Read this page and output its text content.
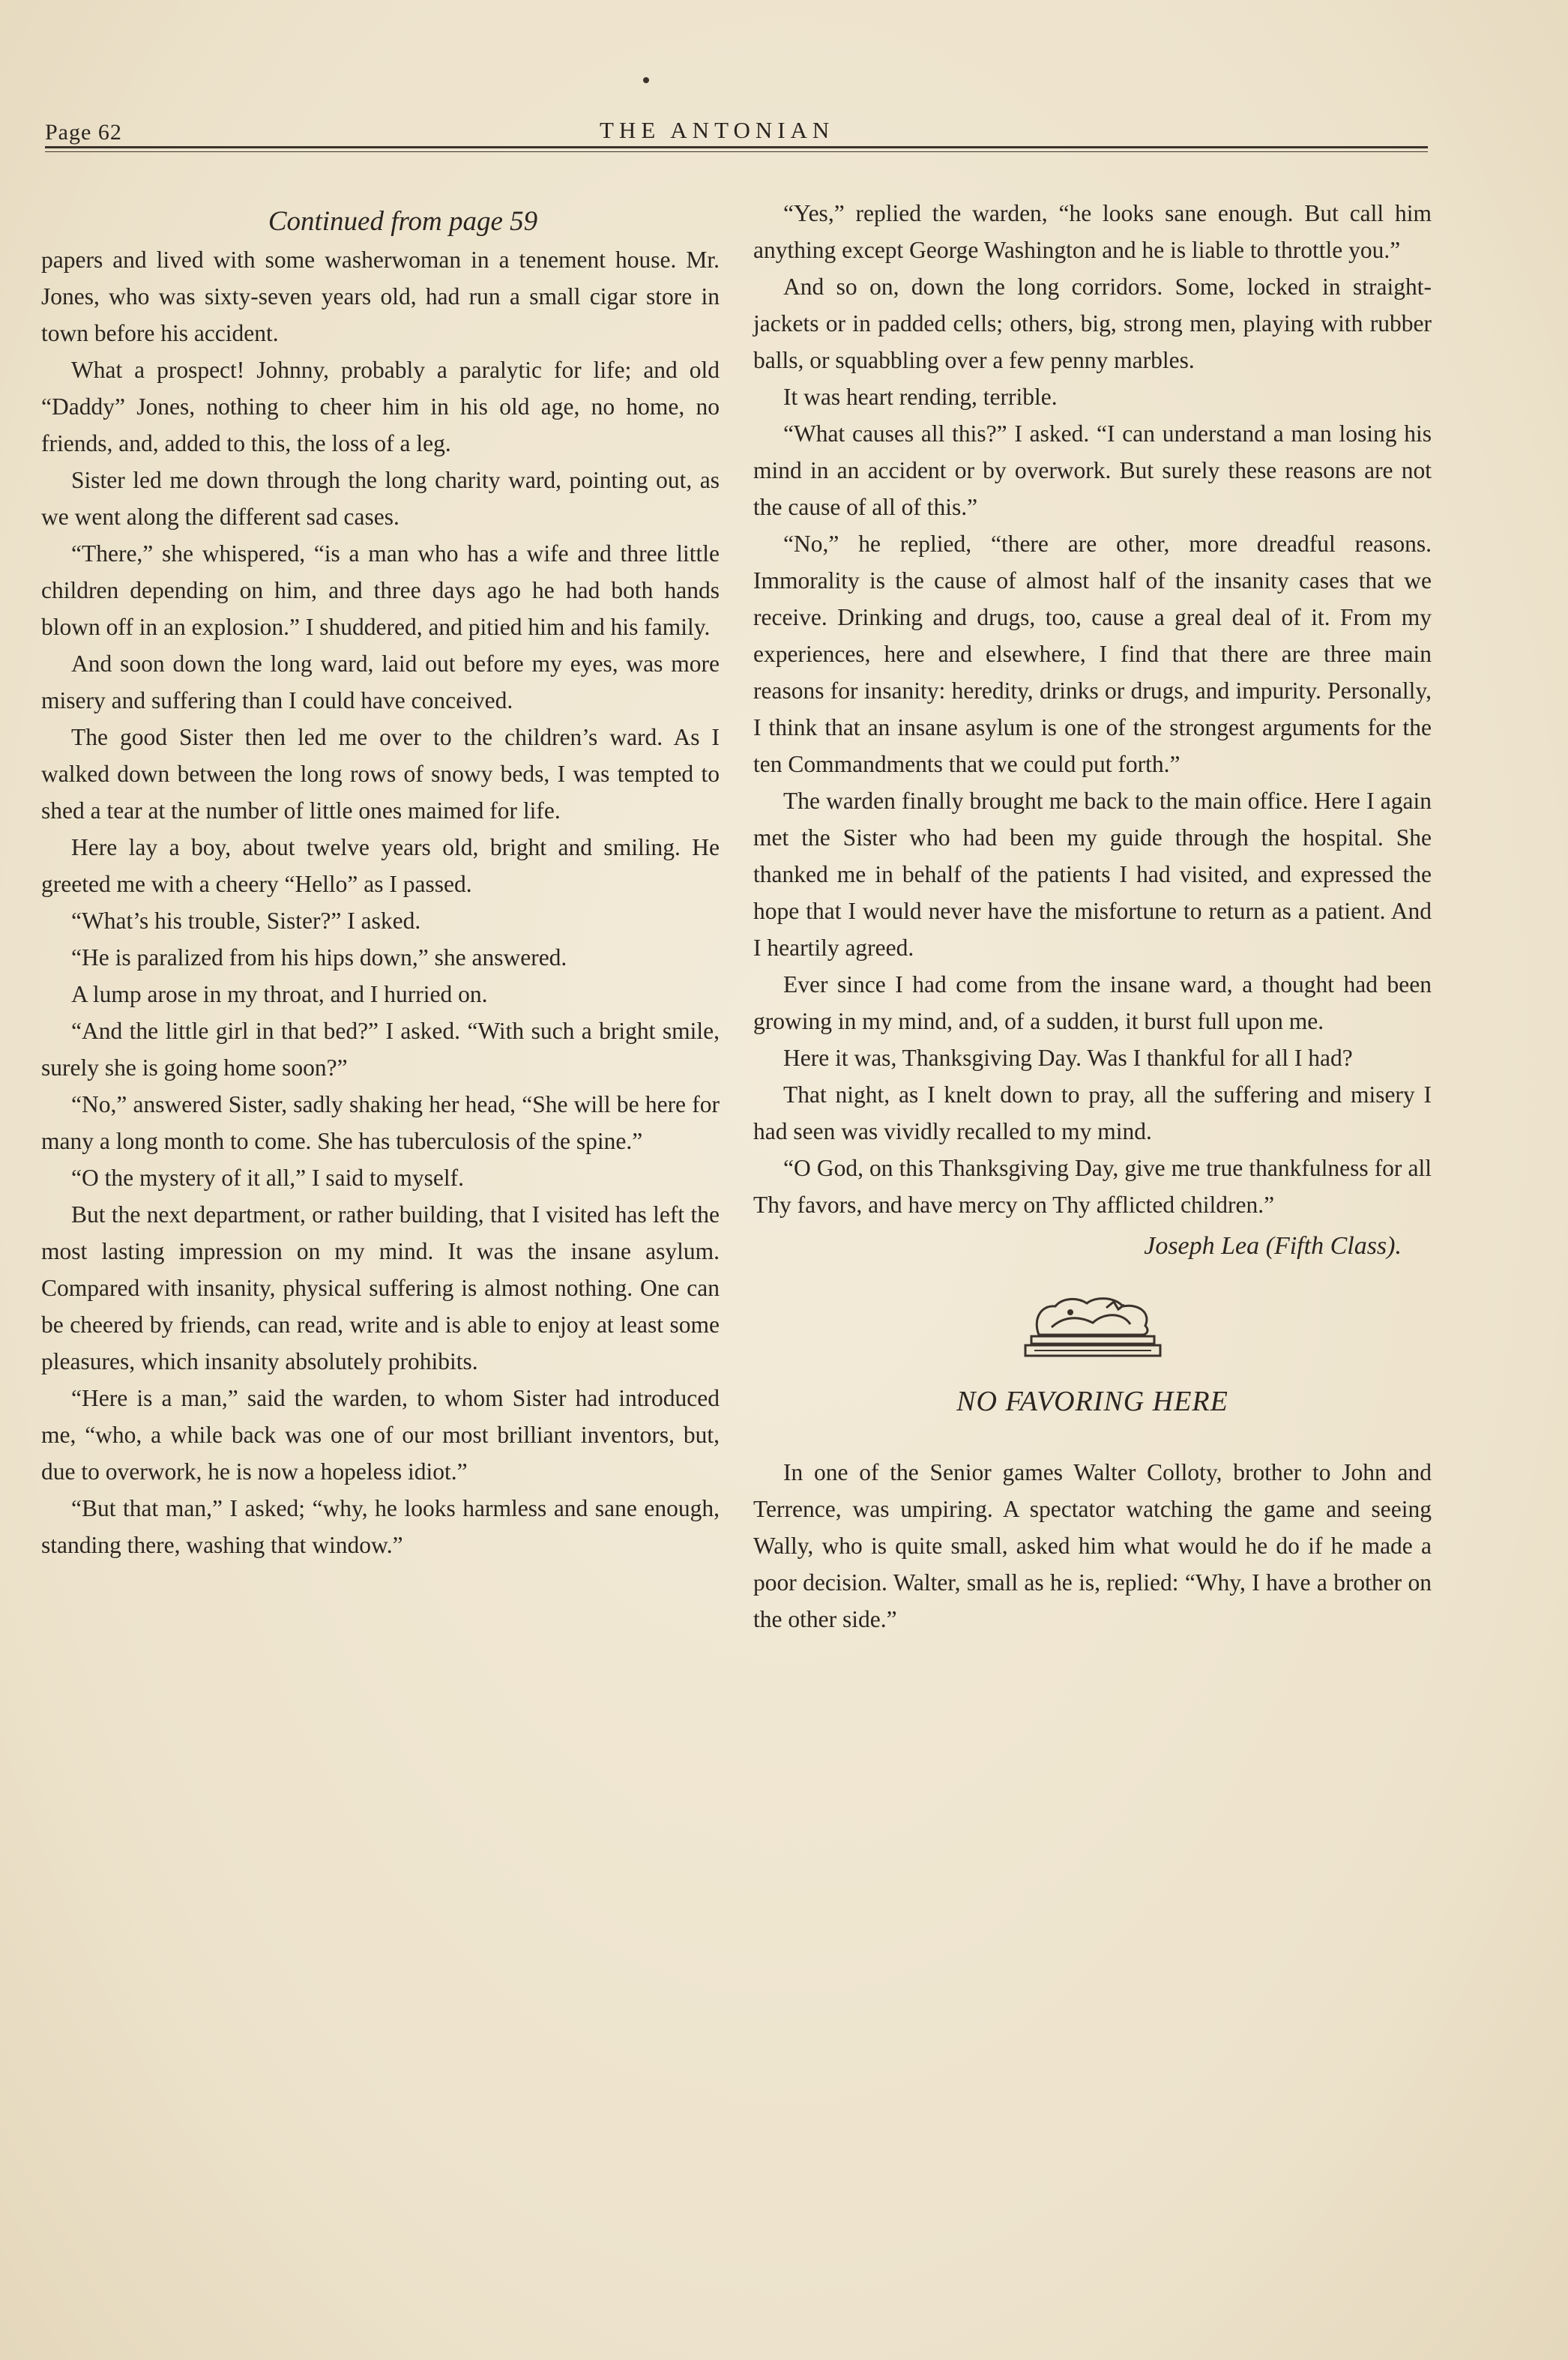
Page 62	THE ANTONIAN
Continued from page 59

papers and lived with some washerwoman in a tenement house. Mr. Jones, who was sixty-seven years old, had run a small cigar store in town before his accident.

What a prospect! Johnny, probably a paralytic for life; and old “Daddy” Jones, nothing to cheer him in his old age, no home, no friends, and, added to this, the loss of a leg.

Sister led me down through the long charity ward, pointing out, as we went along the different sad cases.

“There,” she whispered, “is a man who has a wife and three little children depending on him, and three days ago he had both hands blown off in an explosion.” I shuddered, and pitied him and his family.

And soon down the long ward, laid out before my eyes, was more misery and suffering than I could have conceived.

The good Sister then led me over to the children’s ward. As I walked down between the long rows of snowy beds, I was tempted to shed a tear at the number of little ones maimed for life.

Here lay a boy, about twelve years old, bright and smiling. He greeted me with a cheery “Hello” as I passed.

“What’s his trouble, Sister?” I asked.

“He is paralized from his hips down,” she answered.

A lump arose in my throat, and I hurried on.

“And the little girl in that bed?” I asked. “With such a bright smile, surely she is going home soon?”

“No,” answered Sister, sadly shaking her head, “She will be here for many a long month to come. She has tuberculosis of the spine.”

“O the mystery of it all,” I said to myself.

But the next department, or rather building, that I visited has left the most lasting impression on my mind. It was the insane asylum. Compared with insanity, physical suffering is almost nothing. One can be cheered by friends, can read, write and is able to enjoy at least some pleasures, which insanity absolutely prohibits.

“Here is a man,” said the warden, to whom Sister had introduced me, “who, a while back was one of our most brilliant inventors, but, due to overwork, he is now a hopeless idiot.”

“But that man,” I asked; “why, he looks harmless and sane enough, standing there, washing that window.”

“Yes,” replied the warden, “he looks sane enough. But call him anything except George Washington and he is liable to throttle you.”

And so on, down the long corridors. Some, locked in straight-jackets or in padded cells; others, big, strong men, playing with rubber balls, or squabbling over a few penny marbles.

It was heart rending, terrible.

“What causes all this?” I asked. “I can understand a man losing his mind in an accident or by overwork. But surely these reasons are not the cause of all of this.”

“No,” he replied, “there are other, more dreadful reasons. Immorality is the cause of almost half of the insanity cases that we receive. Drinking and drugs, too, cause a greal deal of it. From my experiences, here and elsewhere, I find that there are three main reasons for insanity: heredity, drinks or drugs, and impurity. Personally, I think that an insane asylum is one of the strongest arguments for the ten Commandments that we could put forth.”

The warden finally brought me back to the main office. Here I again met the Sister who had been my guide through the hospital. She thanked me in behalf of the patients I had visited, and expressed the hope that I would never have the misfortune to return as a patient. And I heartily agreed.

Ever since I had come from the insane ward, a thought had been growing in my mind, and, of a sudden, it burst full upon me.

Here it was, Thanksgiving Day. Was I thankful for all I had?

That night, as I knelt down to pray, all the suffering and misery I had seen was vividly recalled to my mind.

“O God, on this Thanksgiving Day, give me true thankfulness for all Thy favors, and have mercy on Thy afflicted children.”

Joseph Lea (Fifth Class).
NO FAVORING HERE

In one of the Senior games Walter Colloty, brother to John and Terrence, was umpiring. A spectator watching the game and seeing Wally, who is quite small, asked him what would he do if he made a poor decision. Walter, small as he is, replied: “Why, I have a brother on the other side.”
